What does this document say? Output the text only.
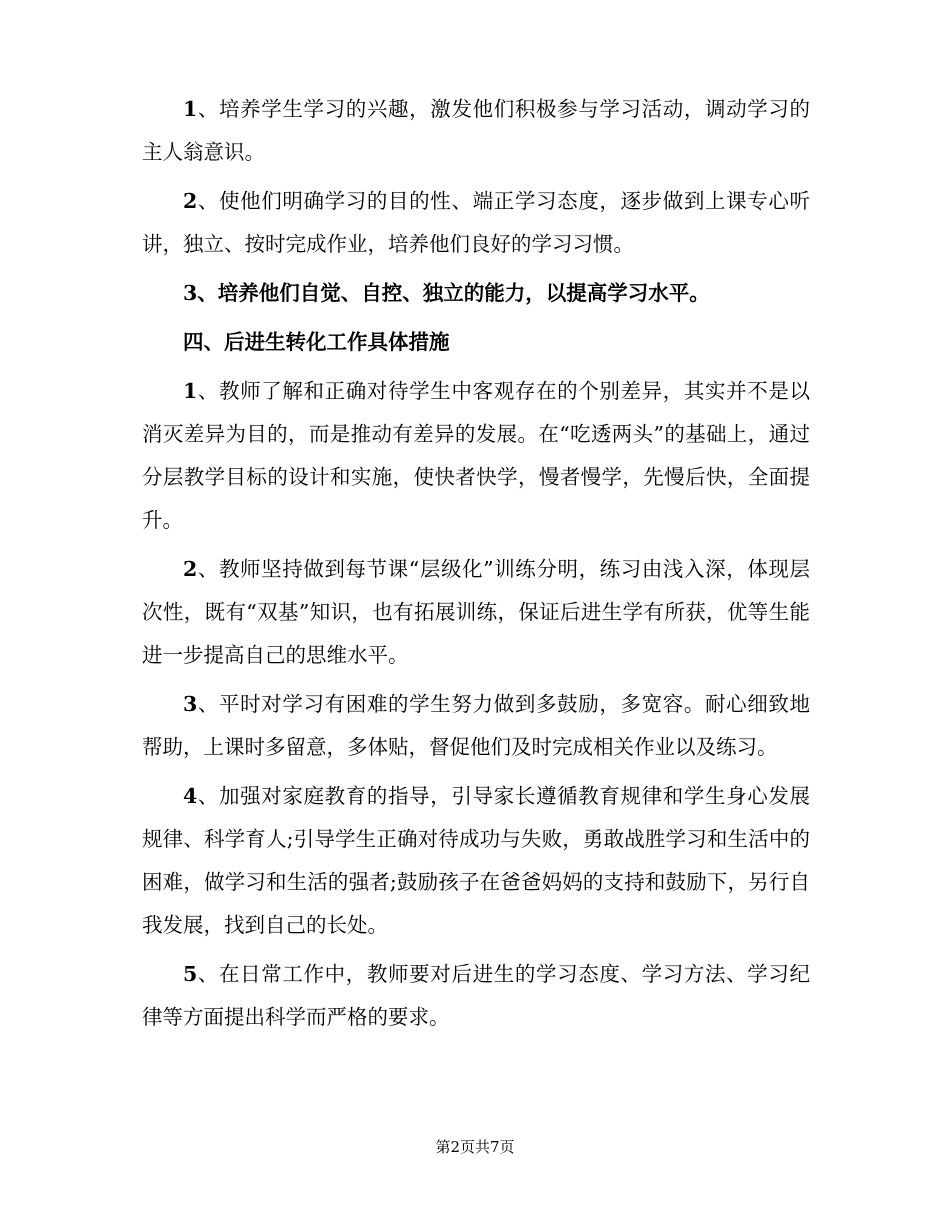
1、培养学生学习的兴趣，激发他们积极参与学习活动，调动学习的主人翁意识。

2、使他们明确学习的目的性、端正学习态度，逐步做到上课专心听讲，独立、按时完成作业，培养他们良好的学习习惯。

3、培养他们自觉、自控、独立的能力，以提高学习水平。

四、后进生转化工作具体措施

1、教师了解和正确对待学生中客观存在的个别差异，其实并不是以消灭差异为目的，而是推动有差异的发展。在“吃透两头”的基础上，通过分层教学目标的设计和实施，使快者快学，慢者慢学，先慢后快，全面提升。

2、教师坚持做到每节课“层级化”训练分明，练习由浅入深，体现层次性，既有“双基”知识，也有拓展训练，保证后进生学有所获，优等生能进一步提高自己的思维水平。

3、平时对学习有困难的学生努力做到多鼓励，多宽容。耐心细致地帮助，上课时多留意，多体贴，督促他们及时完成相关作业以及练习。

4、加强对家庭教育的指导，引导家长遵循教育规律和学生身心发展规律、科学育人;引导学生正确对待成功与失败，勇敢战胜学习和生活中的困难，做学习和生活的强者;鼓励孩子在爸爸妈妈的支持和鼓励下，另行自我发展，找到自己的长处。

5、在日常工作中，教师要对后进生的学习态度、学习方法、学习纪律等方面提出科学而严格的要求。

第2页共7页
